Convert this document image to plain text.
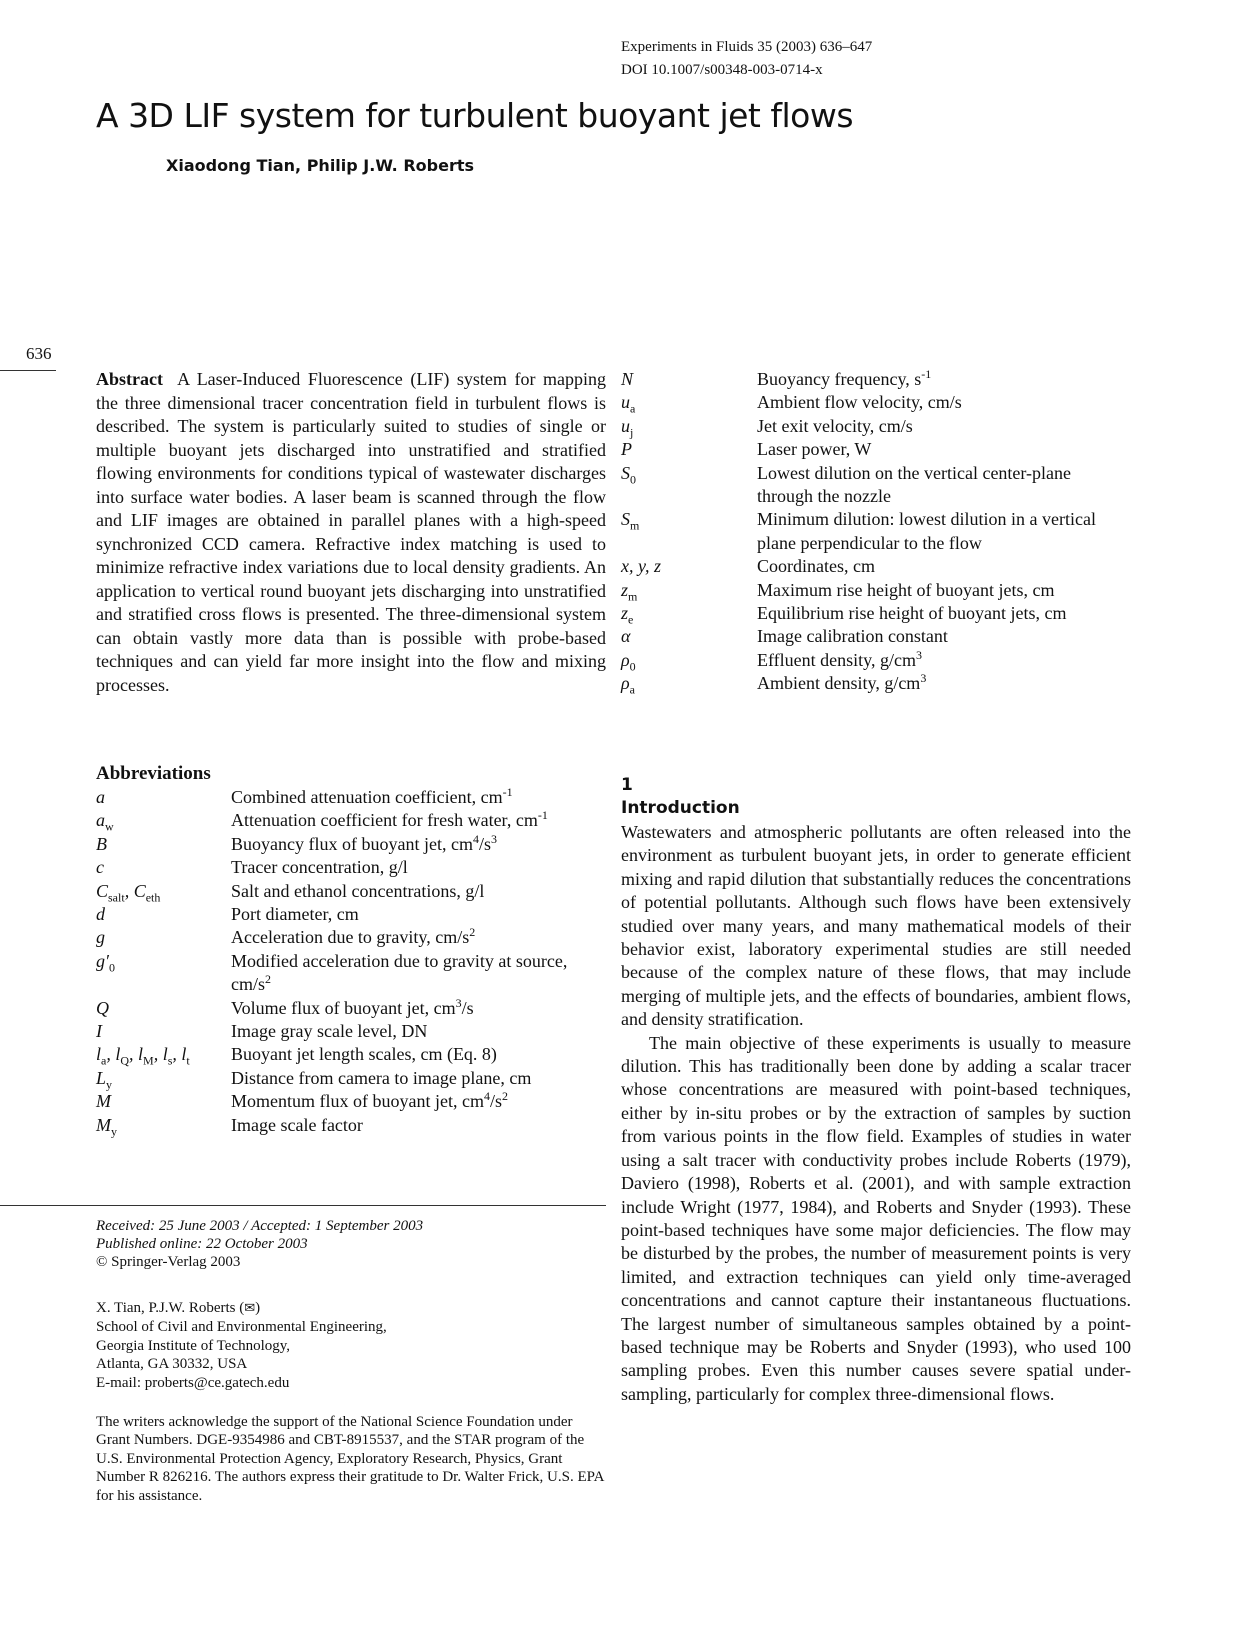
Experiments in Fluids 35 (2003) 636–647
DOI 10.1007/s00348-003-0714-x
A 3D LIF system for turbulent buoyant jet flows
Xiaodong Tian, Philip J.W. Roberts
636
Abstract A Laser-Induced Fluorescence (LIF) system for mapping the three dimensional tracer concentration field in turbulent flows is described. The system is particularly suited to studies of single or multiple buoyant jets discharged into unstratified and stratified flowing environments for conditions typical of wastewater discharges into surface water bodies. A laser beam is scanned through the flow and LIF images are obtained in parallel planes with a high-speed synchronized CCD camera. Refractive index matching is used to minimize refractive index variations due to local density gradients. An application to vertical round buoyant jets discharging into unstratified and stratified cross flows is presented. The three-dimensional system can obtain vastly more data than is possible with probe-based techniques and can yield far more insight into the flow and mixing processes.
Abbreviations
a	Combined attenuation coefficient, $cm^{-1}$
$a_w$	Attenuation coefficient for fresh water, $cm^{-1}$
B	Buoyancy flux of buoyant jet, $cm^4/s^3$
c	Tracer concentration, g/l
$C_{salt}$, $C_{eth}$	Salt and ethanol concentrations, g/l
d	Port diameter, cm
g	Acceleration due to gravity, $cm/s^2$
$g'_0$	Modified acceleration due to gravity at source, $cm/s^2$
Q	Volume flux of buoyant jet, $cm^3/s$
I	Image gray scale level, DN
$l_a$, $l_Q$, $l_M$, $l_s$, $l_t$	Buoyant jet length scales, cm (Eq. 8)
$L_y$	Distance from camera to image plane, cm
M	Momentum flux of buoyant jet, $cm^4/s^2$
$M_y$	Image scale factor
N	Buoyancy frequency, $s^{-1}$
$u_a$	Ambient flow velocity, cm/s
$u_j$	Jet exit velocity, cm/s
P	Laser power, W
$S_0$	Lowest dilution on the vertical center-plane through the nozzle
$S_m$	Minimum dilution: lowest dilution in a vertical plane perpendicular to the flow
x, y, z	Coordinates, cm
$z_m$	Maximum rise height of buoyant jets, cm
$z_e$	Equilibrium rise height of buoyant jets, cm
α	Image calibration constant
$\rho_0$	Effluent density, $g/cm^3$
$\rho_a$	Ambient density, $g/cm^3$
Received: 25 June 2003 / Accepted: 1 September 2003
Published online: 22 October 2003
© Springer-Verlag 2003
X. Tian, P.J.W. Roberts (✉)
School of Civil and Environmental Engineering,
Georgia Institute of Technology,
Atlanta, GA 30332, USA
E-mail: proberts@ce.gatech.edu
The writers acknowledge the support of the National Science Foundation under Grant Numbers. DGE-9354986 and CBT-8915537, and the STAR program of the U.S. Environmental Protection Agency, Exploratory Research, Physics, Grant Number R 826216. The authors express their gratitude to Dr. Walter Frick, U.S. EPA for his assistance.
1
Introduction

Wastewaters and atmospheric pollutants are often released into the environment as turbulent buoyant jets, in order to generate efficient mixing and rapid dilution that substantially reduces the concentrations of potential pollutants. Although such flows have been extensively studied over many years, and many mathematical models of their behavior exist, laboratory experimental studies are still needed because of the complex nature of these flows, that may include merging of multiple jets, and the effects of boundaries, ambient flows, and density stratification.

The main objective of these experiments is usually to measure dilution. This has traditionally been done by adding a scalar tracer whose concentrations are measured with point-based techniques, either by in-situ probes or by the extraction of samples by suction from various points in the flow field. Examples of studies in water using a salt tracer with conductivity probes include Roberts (1979), Daviero (1998), Roberts et al. (2001), and with sample extraction include Wright (1977, 1984), and Roberts and Snyder (1993). These point-based techniques have some major deficiencies. The flow may be disturbed by the probes, the number of measurement points is very limited, and extraction techniques can yield only time-averaged concentrations and cannot capture their instantaneous fluctuations. The largest number of simultaneous samples obtained by a point-based technique may be Roberts and Snyder (1993), who used 100 sampling probes. Even this number causes severe spatial under-sampling, particularly for complex three-dimensional flows.
